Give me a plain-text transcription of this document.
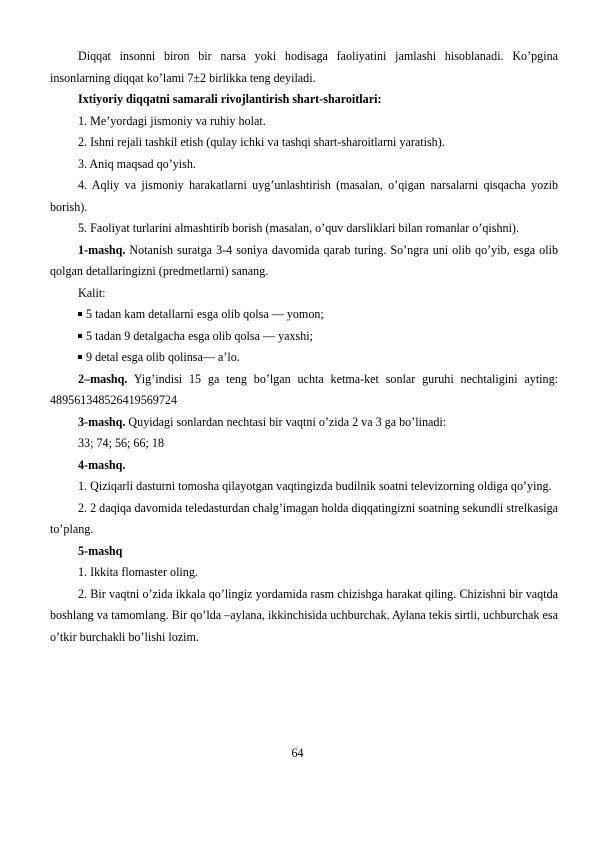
Diqqat insonni biron bir narsa yoki hodisaga faoliyatini jamlashi hisoblanadi. Ko’pgina insonlarning diqqat ko’lami 7±2 birlikka teng deyiladi.

Ixtiyoriy diqqatni samarali rivojlantirish shart-sharoitlari:

1. Me’yordagi jismoniy va ruhiy holat.

2. Ishni rejali tashkil etish (qulay ichki va tashqi shart-sharoitlarni yaratish).

3. Aniq maqsad qo’yish.

4. Aqliy va jismoniy harakatlarni uyg’unlashtirish (masalan, o’qigan narsalarni qisqacha yozib borish).

5. Faoliyat turlarini almashtirib borish (masalan, o’quv darsliklari bilan romanlar o’qishni).

1-mashq. Notanish suratga 3-4 soniya davomida qarab turing. So’ngra uni olib qo’yib, esga olib qolgan detallaringizni (predmetlarni) sanang.

Kalit:

5 tadan kam detallarni esga olib qolsa — yomon;

5 tadan 9 detalgacha esga olib qolsa — yaxshi;

9 detal esga olib qolinsa— a’lo.

2–mashq. Yig’indisi 15 ga teng bo’lgan uchta ketma-ket sonlar guruhi nechtaligini ayting: 489561348526419569724

3-mashq. Quyidagi sonlardan nechtasi bir vaqtni o’zida 2 va 3 ga bo’linadi:

33; 74; 56; 66; 18

4-mashq.

1. Qiziqarli dasturni tomosha qilayotgan vaqtingizda budilnik soatni televizorning oldiga qo’ying.

2. 2 daqiqa davomida teledasturdan chalg’imagan holda diqqatingizni soatning sekundli strelkasiga to’plang.

5-mashq

1. Ikkita flomaster oling.

2. Bir vaqtni o’zida ikkala qo’lingiz yordamida rasm chizishga harakat qiling. Chizishni bir vaqtda boshlang va tamomlang. Bir qo’lda –aylana, ikkinchisida uchburchak. Aylana tekis sirtli, uchburchak esa o’tkir burchakli bo’lishi lozim.

64
